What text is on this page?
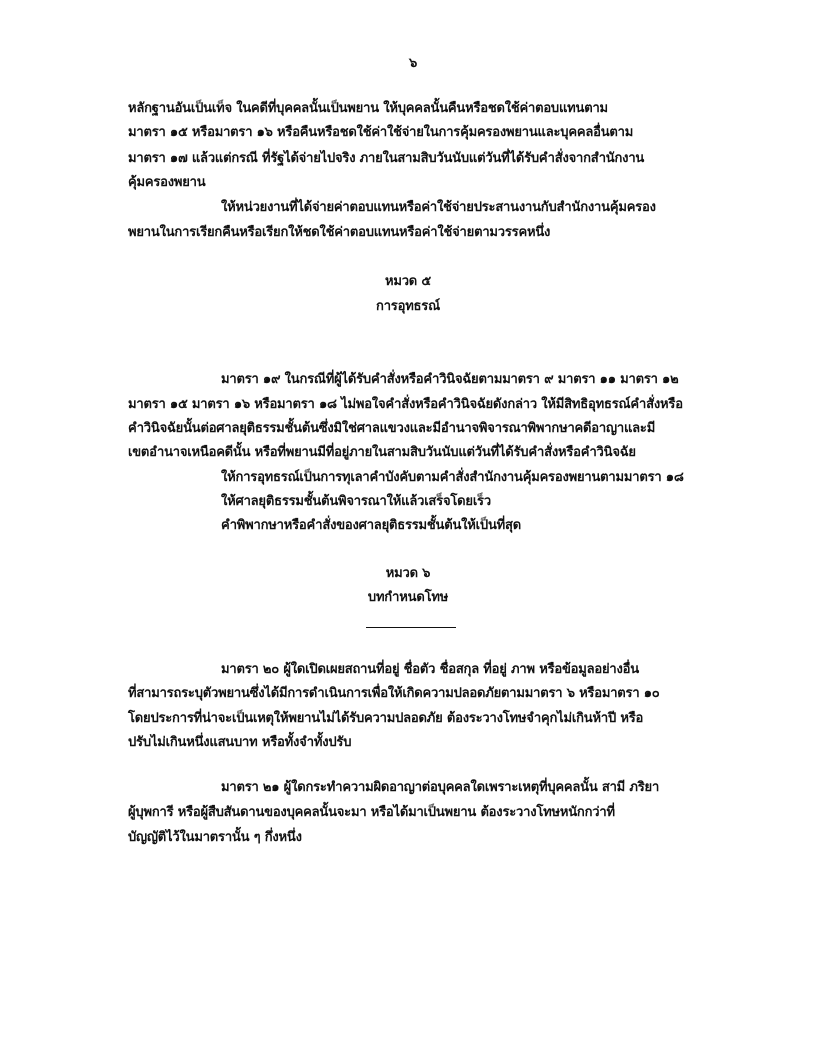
๖
หลักฐานอันเป็นเท็จ ในคดีที่บุคคลนั้นเป็นพยาน ให้บุคคลนั้นคืนหรือชดใช้ค่าตอบแทนตาม
มาตรา ๑๕ หรือมาตรา ๑๖ หรือคืนหรือชดใช้ค่าใช้จ่ายในการคุ้มครองพยานและบุคคลอื่นตาม
มาตรา ๑๗ แล้วแต่กรณี ที่รัฐได้จ่ายไปจริง ภายในสามสิบวันนับแต่วันที่ได้รับคำสั่งจากสำนักงาน
คุ้มครองพยาน
ให้หน่วยงานที่ได้จ่ายค่าตอบแทนหรือค่าใช้จ่ายประสานงานกับสำนักงานคุ้มครอง
พยานในการเรียกคืนหรือเรียกให้ชดใช้ค่าตอบแทนหรือค่าใช้จ่ายตามวรรคหนึ่ง
หมวด ๕
การอุทธรณ์
มาตรา ๑๙ ในกรณีที่ผู้ได้รับคำสั่งหรือคำวินิจฉัยตามมาตรา ๙ มาตรา ๑๑ มาตรา ๑๒
มาตรา ๑๕ มาตรา ๑๖ หรือมาตรา ๑๘ ไม่พอใจคำสั่งหรือคำวินิจฉัยดังกล่าว ให้มีสิทธิอุทธรณ์คำสั่งหรือ
คำวินิจฉัยนั้นต่อศาลยุติธรรมชั้นต้นซึ่งมิใช่ศาลแขวงและมีอำนาจพิจารณาพิพากษาคดีอาญาและมี
เขตอำนาจเหนือคดีนั้น หรือที่พยานมีที่อยู่ภายในสามสิบวันนับแต่วันที่ได้รับคำสั่งหรือคำวินิจฉัย
ให้การอุทธรณ์เป็นการทุเลาคำบังคับตามคำสั่งสำนักงานคุ้มครองพยานตามมาตรา ๑๘
ให้ศาลยุติธรรมชั้นต้นพิจารณาให้แล้วเสร็จโดยเร็ว
คำพิพากษาหรือคำสั่งของศาลยุติธรรมชั้นต้นให้เป็นที่สุด
หมวด ๖
บทกำหนดโทษ
มาตรา ๒๐ ผู้ใดเปิดเผยสถานที่อยู่ ชื่อตัว ชื่อสกุล ที่อยู่ ภาพ หรือข้อมูลอย่างอื่น
ที่สามารถระบุตัวพยานซึ่งได้มีการดำเนินการเพื่อให้เกิดความปลอดภัยตามมาตรา ๖ หรือมาตรา ๑๐
โดยประการที่น่าจะเป็นเหตุให้พยานไม่ได้รับความปลอดภัย ต้องระวางโทษจำคุกไม่เกินห้าปี หรือ
ปรับไม่เกินหนึ่งแสนบาท หรือทั้งจำทั้งปรับ
มาตรา ๒๑ ผู้ใดกระทำความผิดอาญาต่อบุคคลใดเพราะเหตุที่บุคคลนั้น สามี ภริยา
ผู้บุพการี หรือผู้สืบสันดานของบุคคลนั้นจะมา หรือได้มาเป็นพยาน ต้องระวางโทษหนักกว่าที่
บัญญัติไว้ในมาตรานั้น ๆ กึ่งหนึ่ง
